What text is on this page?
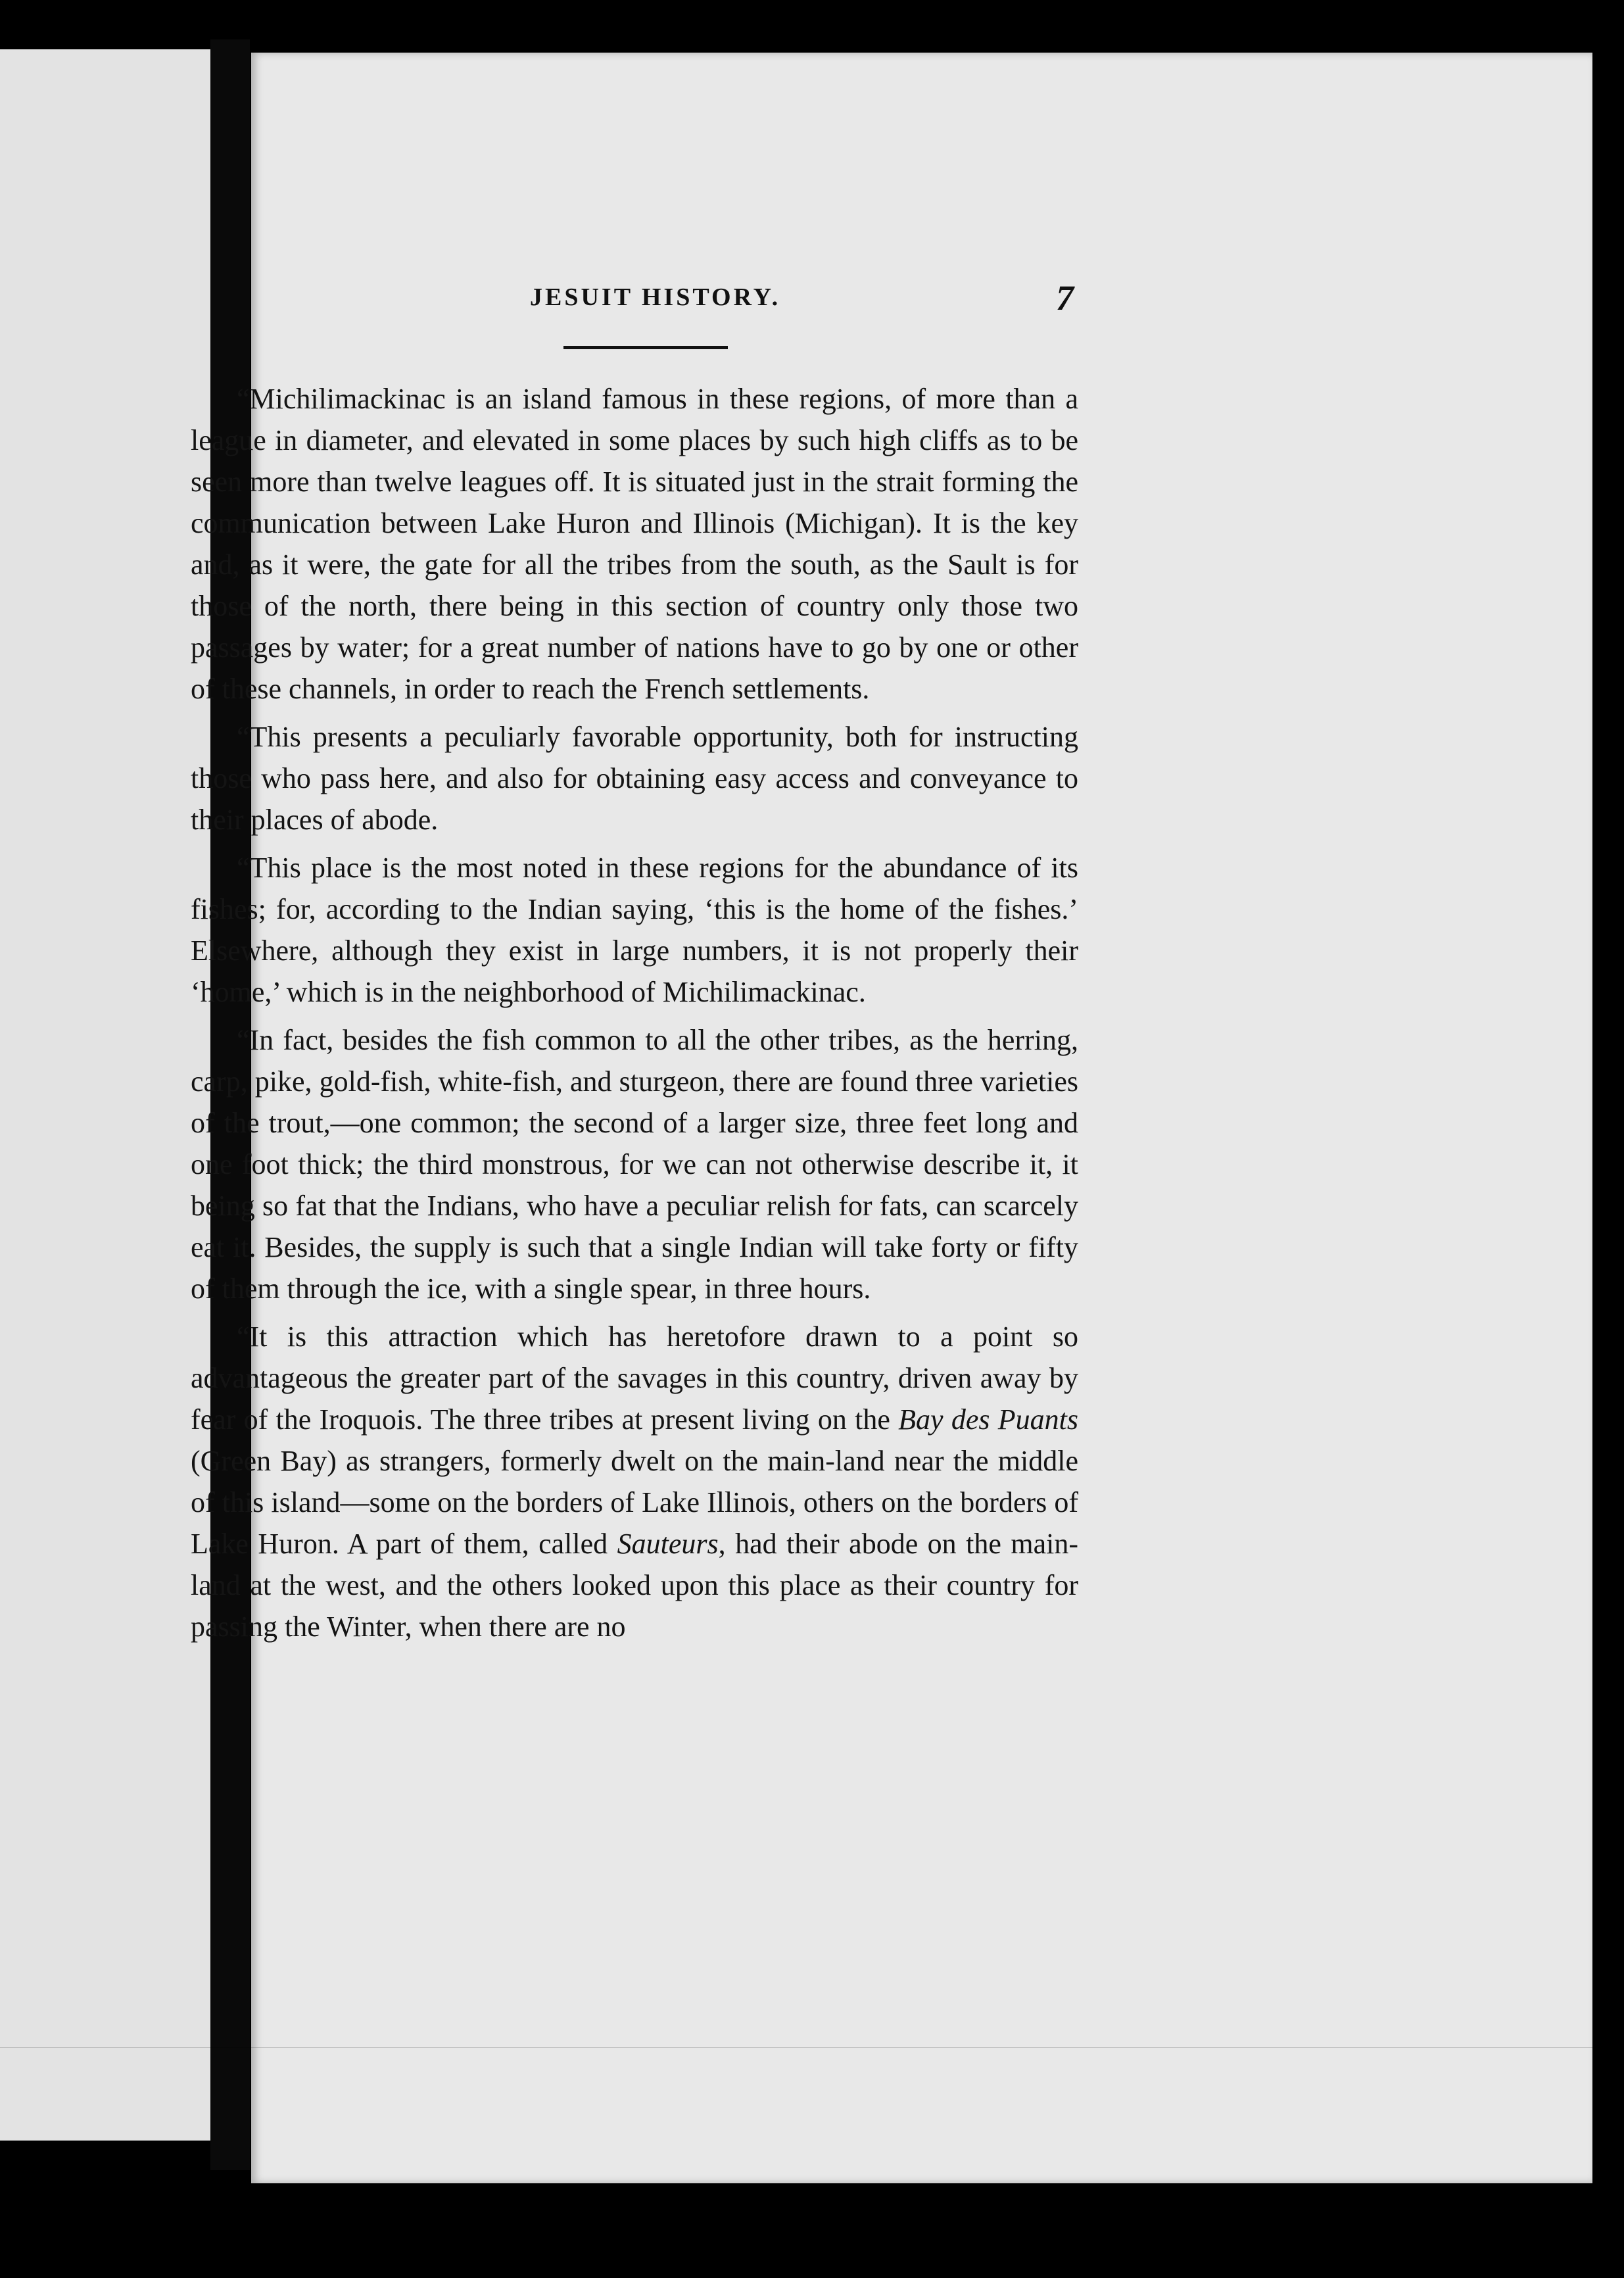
JESUIT HISTORY.	7

“Michilimackinac is an island famous in these regions, of more than a league in diameter, and elevated in some places by such high cliffs as to be seen more than twelve leagues off. It is situated just in the strait forming the communication between Lake Huron and Illinois (Michigan). It is the key and, as it were, the gate for all the tribes from the south, as the Sault is for those of the north, there being in this section of country only those two passages by water; for a great number of nations have to go by one or other of these channels, in order to reach the French settlements.

“This presents a peculiarly favorable opportunity, both for instructing those who pass here, and also for obtaining easy access and conveyance to their places of abode.

“This place is the most noted in these regions for the abundance of its fishes; for, according to the Indian saying, ‘this is the home of the fishes.’ Elsewhere, although they exist in large numbers, it is not properly their ‘home,’ which is in the neighborhood of Michilimackinac.

“In fact, besides the fish common to all the other tribes, as the herring, carp, pike, gold-fish, white-fish, and sturgeon, there are found three varieties of the trout,—one common; the second of a larger size, three feet long and one foot thick; the third monstrous, for we can not otherwise describe it, it being so fat that the Indians, who have a peculiar relish for fats, can scarcely eat it. Besides, the supply is such that a single Indian will take forty or fifty of them through the ice, with a single spear, in three hours.

“It is this attraction which has heretofore drawn to a point so advantageous the greater part of the savages in this country, driven away by fear of the Iroquois. The three tribes at present living on the Bay des Puants (Green Bay) as strangers, formerly dwelt on the main-land near the middle of this island—some on the borders of Lake Illinois, others on the borders of Lake Huron. A part of them, called Sauteurs, had their abode on the main-land at the west, and the others looked upon this place as their country for passing the Winter, when there are no
